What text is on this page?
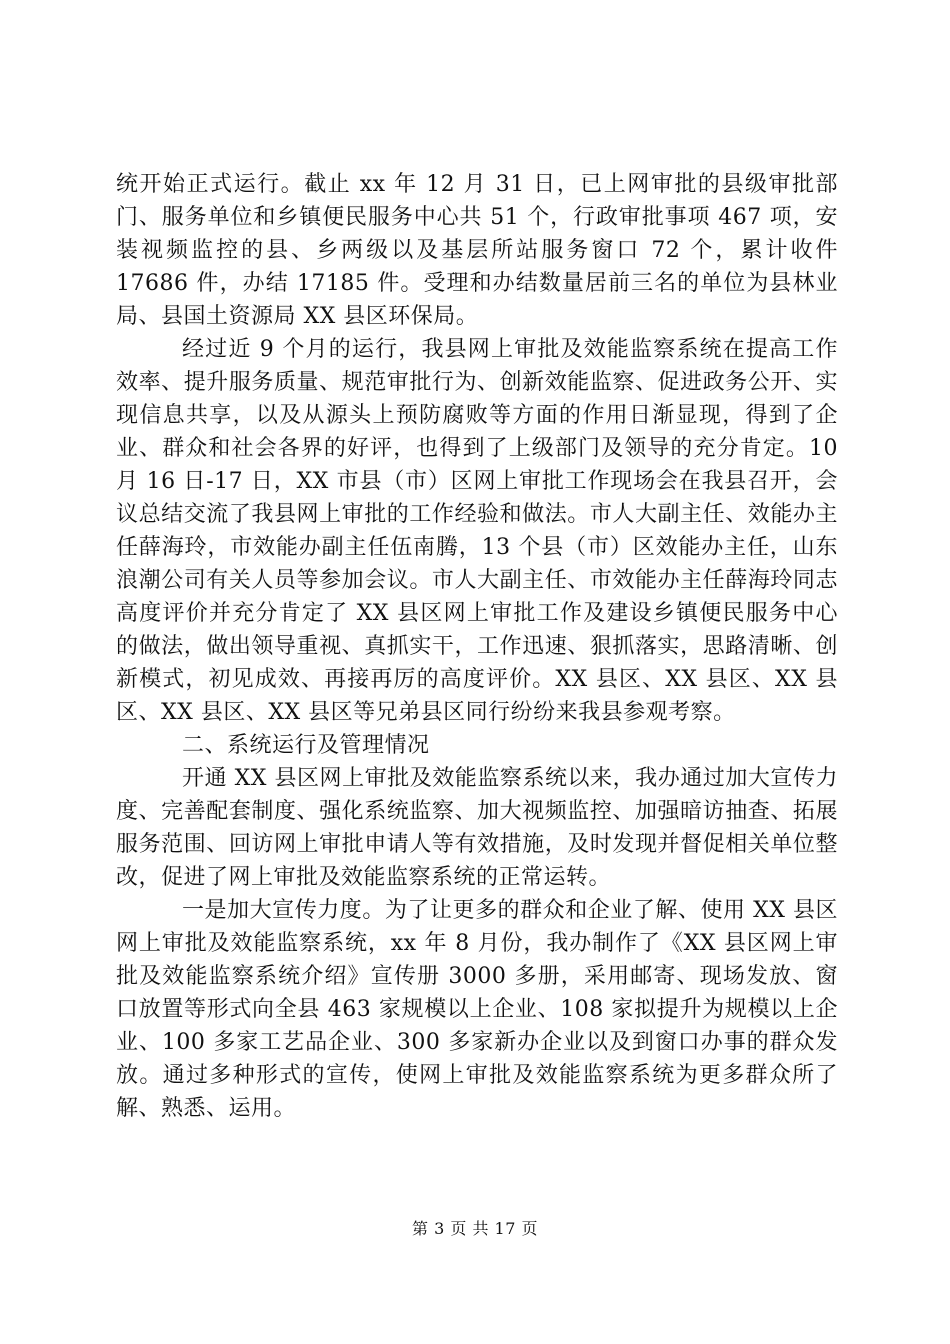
统开始正式运行。截止 xx 年 12 月 31 日，已上网审批的县级审批部门、服务单位和乡镇便民服务中心共 51 个，行政审批事项 467 项，安装视频监控的县、乡两级以及基层所站服务窗口 72 个，累计收件 17686 件，办结 17185 件。受理和办结数量居前三名的单位为县林业局、县国土资源局 XX 县区环保局。

经过近 9 个月的运行，我县网上审批及效能监察系统在提高工作效率、提升服务质量、规范审批行为、创新效能监察、促进政务公开、实现信息共享，以及从源头上预防腐败等方面的作用日渐显现，得到了企业、群众和社会各界的好评，也得到了上级部门及领导的充分肯定。10 月 16 日-17 日，XX 市县（市）区网上审批工作现场会在我县召开，会议总结交流了我县网上审批的工作经验和做法。市人大副主任、效能办主任薛海玲，市效能办副主任伍南腾，13 个县（市）区效能办主任，山东浪潮公司有关人员等参加会议。市人大副主任、市效能办主任薛海玲同志高度评价并充分肯定了 XX 县区网上审批工作及建设乡镇便民服务中心的做法，做出领导重视、真抓实干，工作迅速、狠抓落实，思路清晰、创新模式，初见成效、再接再厉的高度评价。XX 县区、XX 县区、XX 县区、XX 县区、XX 县区等兄弟县区同行纷纷来我县参观考察。

二、系统运行及管理情况

开通 XX 县区网上审批及效能监察系统以来，我办通过加大宣传力度、完善配套制度、强化系统监察、加大视频监控、加强暗访抽查、拓展服务范围、回访网上审批申请人等有效措施，及时发现并督促相关单位整改，促进了网上审批及效能监察系统的正常运转。

一是加大宣传力度。为了让更多的群众和企业了解、使用 XX 县区网上审批及效能监察系统，xx 年 8 月份，我办制作了《XX 县区网上审批及效能监察系统介绍》宣传册 3000 多册，采用邮寄、现场发放、窗口放置等形式向全县 463 家规模以上企业、108 家拟提升为规模以上企业、100 多家工艺品企业、300 多家新办企业以及到窗口办事的群众发放。通过多种形式的宣传，使网上审批及效能监察系统为更多群众所了解、熟悉、运用。

第 3 页 共 17 页
